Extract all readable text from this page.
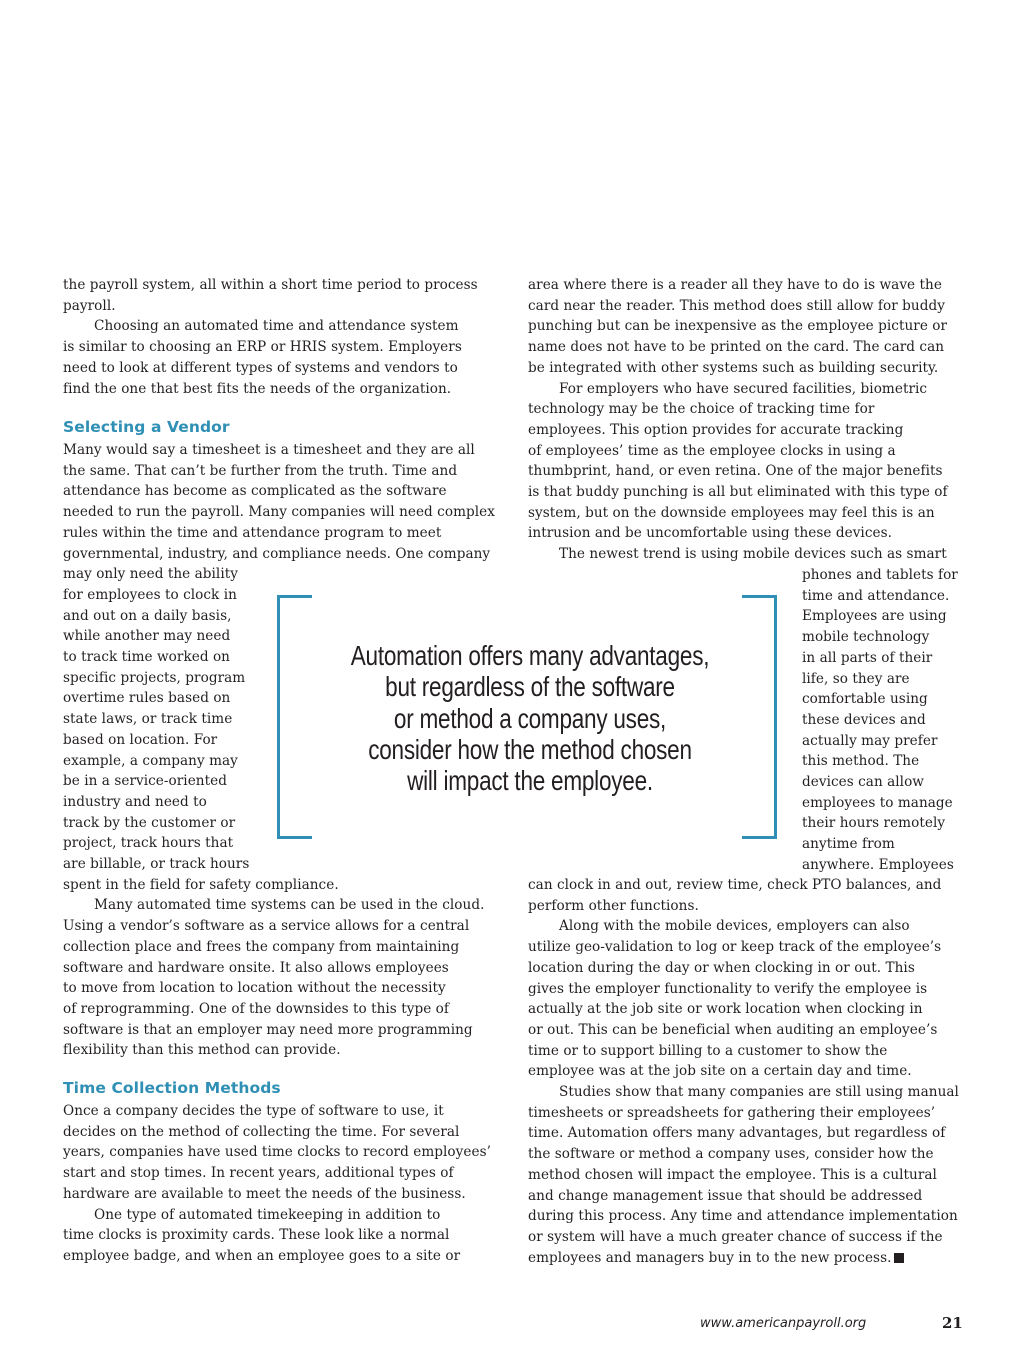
the payroll system, all within a short time period to process
payroll.
Choosing an automated time and attendance system
is similar to choosing an ERP or HRIS system. Employers
need to look at different types of systems and vendors to
find the one that best fits the needs of the organization.
Selecting a Vendor
Many would say a timesheet is a timesheet and they are all
the same. That can’t be further from the truth. Time and
attendance has become as complicated as the software
needed to run the payroll. Many companies will need complex
rules within the time and attendance program to meet
governmental, industry, and compliance needs. One company
may only need the ability
for employees to clock in
and out on a daily basis,
while another may need
to track time worked on
specific projects, program
overtime rules based on
state laws, or track time
based on location. For
example, a company may
be in a service-oriented
industry and need to
track by the customer or
project, track hours that
are billable, or track hours
spent in the field for safety compliance.
Many automated time systems can be used in the cloud.
Using a vendor’s software as a service allows for a central
collection place and frees the company from maintaining
software and hardware onsite. It also allows employees
to move from location to location without the necessity
of reprogramming. One of the downsides to this type of
software is that an employer may need more programming
flexibility than this method can provide.
Time Collection Methods
Once a company decides the type of software to use, it
decides on the method of collecting the time. For several
years, companies have used time clocks to record employees’
start and stop times. In recent years, additional types of
hardware are available to meet the needs of the business.
One type of automated timekeeping in addition to
time clocks is proximity cards. These look like a normal
employee badge, and when an employee goes to a site or
area where there is a reader all they have to do is wave the
card near the reader. This method does still allow for buddy
punching but can be inexpensive as the employee picture or
name does not have to be printed on the card. The card can
be integrated with other systems such as building security.
For employers who have secured facilities, biometric
technology may be the choice of tracking time for
employees. This option provides for accurate tracking
of employees’ time as the employee clocks in using a
thumbprint, hand, or even retina. One of the major benefits
is that buddy punching is all but eliminated with this type of
system, but on the downside employees may feel this is an
intrusion and be uncomfortable using these devices.
The newest trend is using mobile devices such as smart
phones and tablets for
time and attendance.
Employees are using
mobile technology
in all parts of their
life, so they are
comfortable using
these devices and
actually may prefer
this method. The
devices can allow
employees to manage
their hours remotely
anytime from
anywhere. Employees
can clock in and out, review time, check PTO balances, and
perform other functions.
Along with the mobile devices, employers can also
utilize geo-validation to log or keep track of the employee’s
location during the day or when clocking in or out. This
gives the employer functionality to verify the employee is
actually at the job site or work location when clocking in
or out. This can be beneficial when auditing an employee’s
time or to support billing to a customer to show the
employee was at the job site on a certain day and time.
Studies show that many companies are still using manual
timesheets or spreadsheets for gathering their employees’
time. Automation offers many advantages, but regardless of
the software or method a company uses, consider how the
method chosen will impact the employee. This is a cultural
and change management issue that should be addressed
during this process. Any time and attendance implementation
or system will have a much greater chance of success if the
employees and managers buy in to the new process.
Automation offers many advantages,
but regardless of the software
or method a company uses,
consider how the method chosen
will impact the employee.
www.americanpayroll.org	21
